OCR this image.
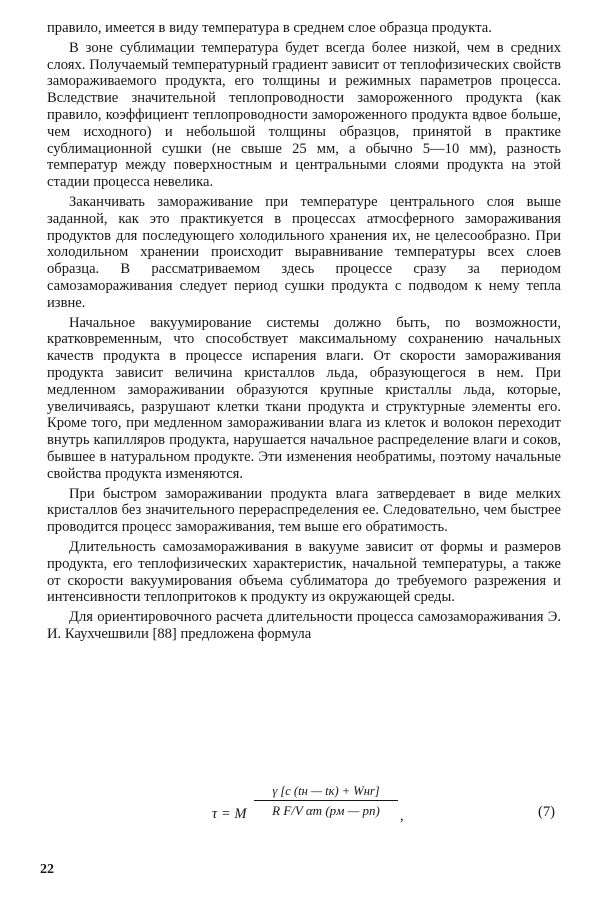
правило, имеется в виду температура в среднем слое образца продукта.

В зоне сублимации температура будет всегда более низкой, чем в средних слоях. Получаемый температурный градиент зависит от теплофизических свойств замораживаемого продукта, его толщины и режимных параметров процесса. Вследствие значительной теплопроводности замороженного продукта (как правило, коэффициент теплопроводности замороженного продукта вдвое больше, чем исходного) и небольшой толщины образцов, принятой в практике сублимационной сушки (не свыше 25 мм, а обычно 5—10 мм), разность температур между поверхностным и центральными слоями продукта на этой стадии процесса невелика.

Заканчивать замораживание при температуре центрального слоя выше заданной, как это практикуется в процессах атмосферного замораживания продуктов для последующего холодильного хранения их, не целесообразно. При холодильном хранении происходит выравнивание температуры всех слоев образца. В рассматриваемом здесь процессе сразу за периодом самозамораживания следует период сушки продукта с подводом к нему тепла извне.

Начальное вакуумирование системы должно быть, по возможности, кратковременным, что способствует максимальному сохранению начальных качеств продукта в процессе испарения влаги. От скорости замораживания продукта зависит величина кристаллов льда, образующегося в нем. При медленном замораживании образуются крупные кристаллы льда, которые, увеличиваясь, разрушают клетки ткани продукта и структурные элементы его. Кроме того, при медленном замораживании влага из клеток и волокон переходит внутрь капилляров продукта, нарушается начальное распределение влаги и соков, бывшее в натуральном продукте. Эти изменения необратимы, поэтому начальные свойства продукта изменяются.

При быстром замораживании продукта влага затвердевает в виде мелких кристаллов без значительного перераспределения ее. Следовательно, чем быстрее проводится процесс замораживания, тем выше его обратимость.

Длительность самозамораживания в вакууме зависит от формы и размеров продукта, его теплофизических характеристик, начальной температуры, а также от скорости вакуумирования объема сублиматора до требуемого разрежения и интенсивности теплопритоков к продукту из окружающей среды.

Для ориентировочного расчета длительности процесса самозамораживания Э. И. Каухчешвили [88] предложена формула

τ = M
γ [c (tн — tк) + Wнr]
R F/V αm (pм — pп)	,	(7)
22
